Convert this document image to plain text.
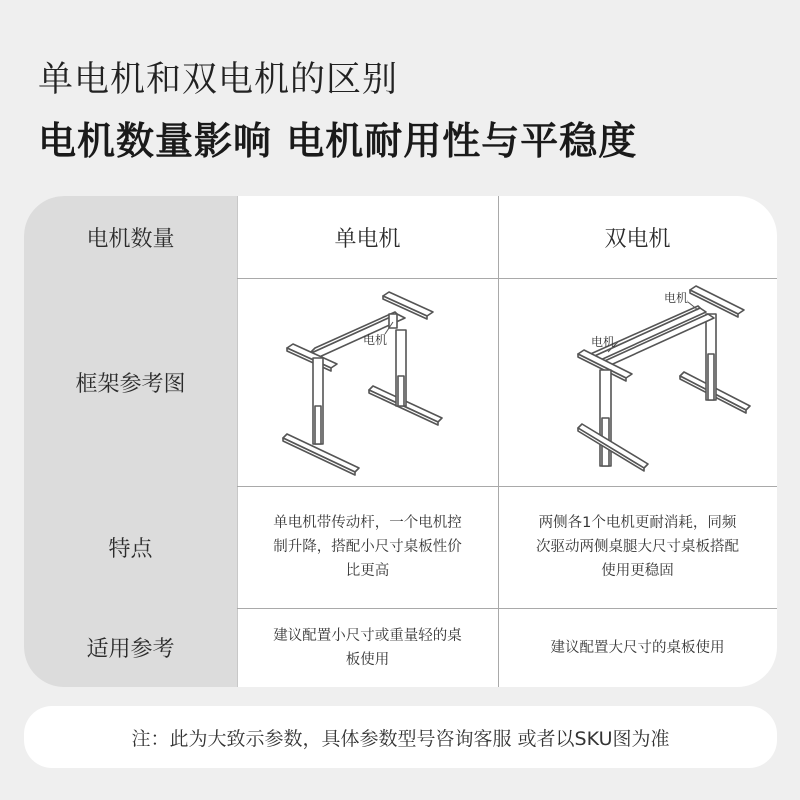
单电机和双电机的区别
电机数量影响 电机耐用性与平稳度
电机数量
框架参考图
特点
适用参考
单电机	双电机
电机
电机
电机
单电机带传动杆，一个电机控制升降，搭配小尺寸桌板性价比更高
两侧各1个电机更耐消耗，同频次驱动两侧桌腿大尺寸桌板搭配使用更稳固
建议配置小尺寸或重量轻的桌板使用
建议配置大尺寸的桌板使用
注：此为大致示参数，具体参数型号咨询客服 或者以SKU图为准
